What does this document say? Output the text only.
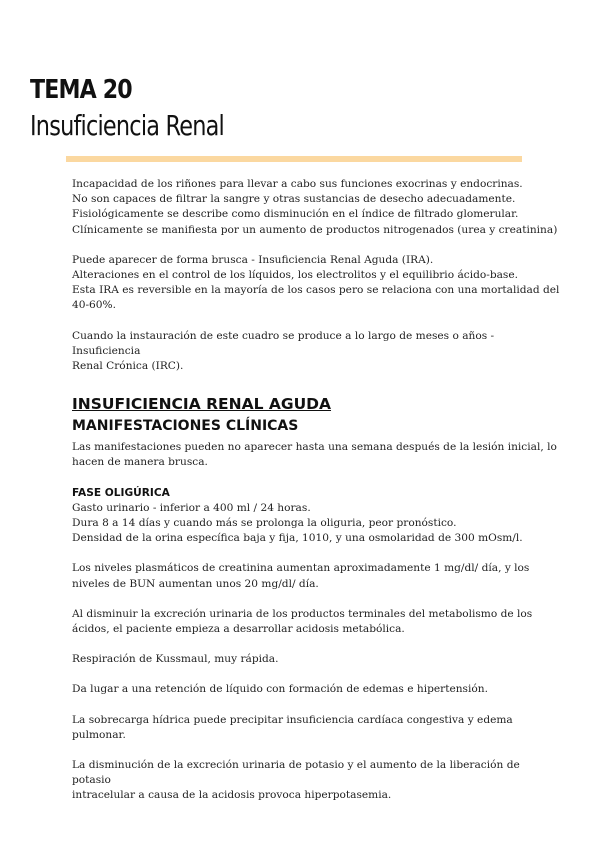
TEMA 20
Insuficiencia Renal

Incapacidad de los riñones para llevar a cabo sus funciones exocrinas y endocrinas.
No son capaces de filtrar la sangre y otras sustancias de desecho adecuadamente.
Fisiológicamente se describe como disminución en el índice de filtrado glomerular.
Clínicamente se manifiesta por un aumento de productos nitrogenados (urea y creatinina)

Puede aparecer de forma brusca - Insuficiencia Renal Aguda (IRA).
Alteraciones en el control de los líquidos, los electrolitos y el equilibrio ácido-base.
Esta IRA es reversible en la mayoría de los casos pero se relaciona con una mortalidad del
40-60%.

Cuando la instauración de este cuadro se produce a lo largo de meses o años - Insuficiencia
Renal Crónica (IRC).

INSUFICIENCIA RENAL AGUDA
MANIFESTACIONES CLÍNICAS

Las manifestaciones pueden no aparecer hasta una semana después de la lesión inicial, lo
hacen de manera brusca.

FASE OLIGÚRICA

Gasto urinario - inferior a 400 ml / 24 horas.
Dura 8 a 14 días y cuando más se prolonga la oliguria, peor pronóstico.
Densidad de la orina específica baja y fija, 1010, y una osmolaridad de 300 mOsm/l.

Los niveles plasmáticos de creatinina aumentan aproximadamente 1 mg/dl/ día, y los
niveles de BUN aumentan unos 20 mg/dl/ día.

Al disminuir la excreción urinaria de los productos terminales del metabolismo de los
ácidos, el paciente empieza a desarrollar acidosis metabólica.

Respiración de Kussmaul, muy rápida.

Da lugar a una retención de líquido con formación de edemas e hipertensión.

La sobrecarga hídrica puede precipitar insuficiencia cardíaca congestiva y edema
pulmonar.

La disminución de la excreción urinaria de potasio y el aumento de la liberación de potasio
intracelular a causa de la acidosis provoca hiperpotasemia.
